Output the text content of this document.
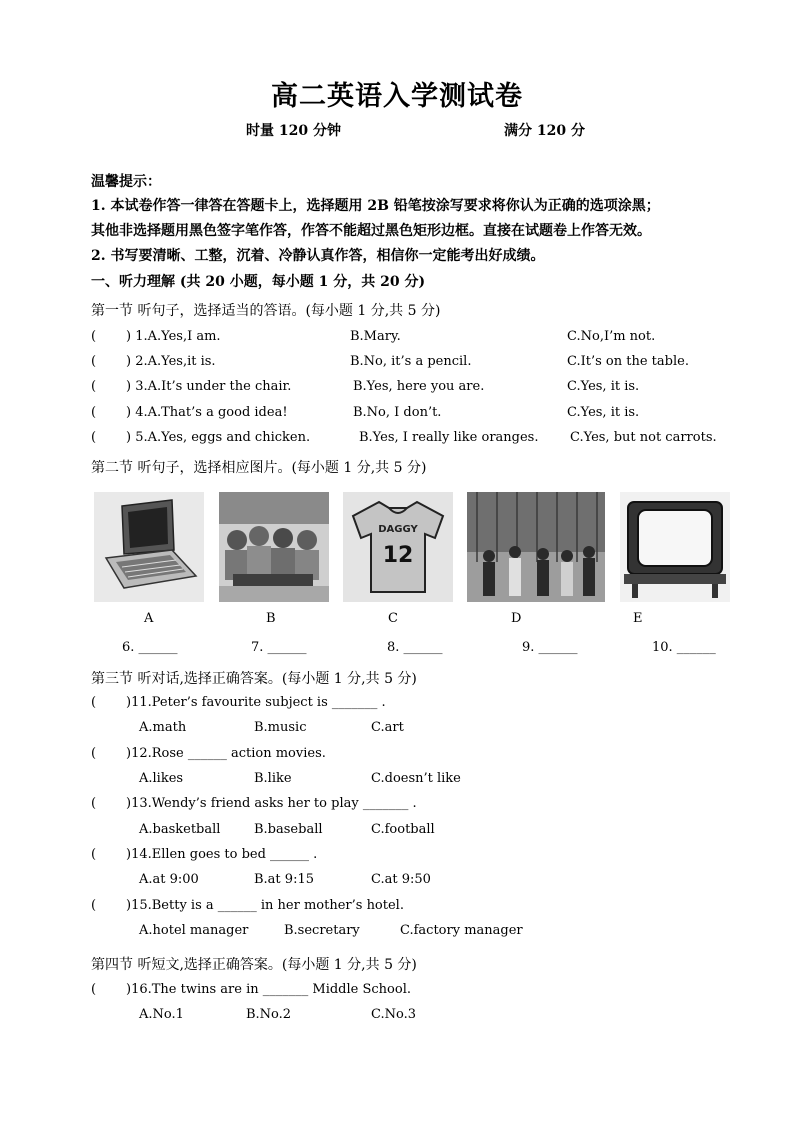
高二英语入学测试卷
时量 120 分钟	满分 120 分
温馨提示：
1. 本试卷作答一律答在答题卡上，选择题用 2B 铅笔按涂写要求将你认为正确的选项涂黑；
其他非选择题用黑色签字笔作答，作答不能超过黑色矩形边框。直接在试题卷上作答无效。
2. 书写要清晰、工整，沉着、冷静认真作答，相信你一定能考出好成绩。
一、听力理解 (共 20 小题，每小题 1 分，共 20 分)
第一节 听句子，选择适当的答语。(每小题 1 分,共 5 分)
( ) 1.A.Yes,I am.	B.Mary.	C.No,I’m not.
( ) 2.A.Yes,it is.	B.No, it’s a pencil.	C.It’s on the table.
( ) 3.A.It’s under the chair.	B.Yes, here you are.	C.Yes, it is.
( ) 4.A.That’s a good idea!	B.No, I don’t.	C.Yes, it is.
( ) 5.A.Yes, eggs and chicken.	B.Yes, I really like oranges. C.Yes, but not carrots.
第二节 听句子，选择相应图片。(每小题 1 分,共 5 分)
DAGGY
12
A	B	C	D	E
6. ______	7. ______	8. ______	9. ______	10. ______
第三节 听对话,选择正确答案。(每小题 1 分,共 5 分)
( )11.Peter’s favourite subject is _______ .
A.math	B.music	C.art
( )12.Rose ______ action movies.
A.likes	B.like	C.doesn’t like
( )13.Wendy’s friend asks her to play _______ .
A.basketball	B.baseball	C.football
( )14.Ellen goes to bed ______ .
A.at 9:00	B.at 9:15	C.at 9:50
( )15.Betty is a ______ in her mother’s hotel.
A.hotel manager	B.secretary	C.factory manager
第四节 听短文,选择正确答案。(每小题 1 分,共 5 分)
( )16.The twins are in _______ Middle School.
A.No.1	B.No.2	C.No.3
